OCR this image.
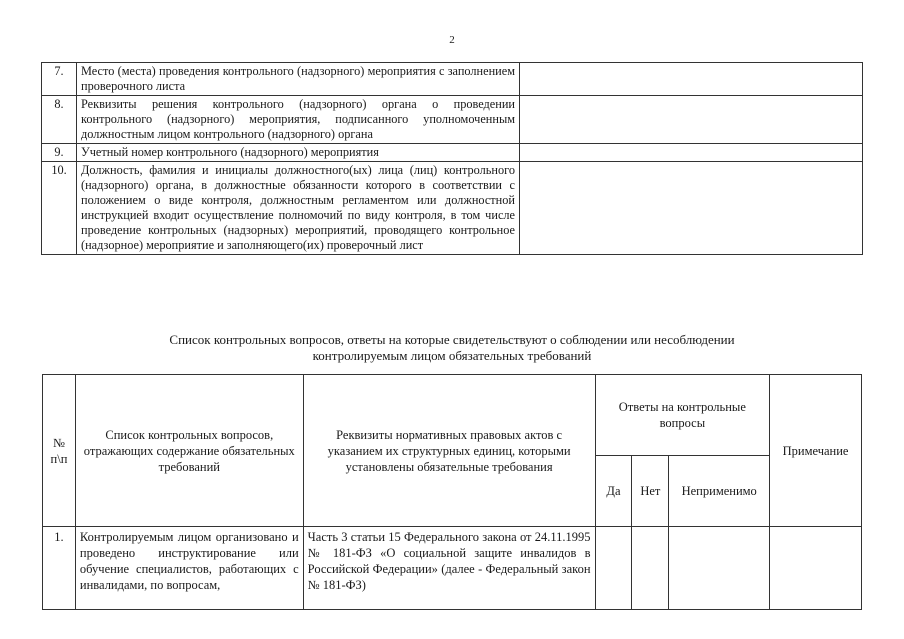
2
7.	Место (места) проведения контрольного (надзорного) мероприятия с заполнением проверочного листа	
8.	Реквизиты решения контрольного (надзорного) органа о проведении контрольного (надзорного) мероприятия, подписанного уполномоченным должностным лицом контрольного (надзорного) органа	
9.	Учетный номер контрольного (надзорного) мероприятия	
10.	Должность, фамилия и инициалы должностного(ых) лица (лиц) контрольного (надзорного) органа, в должностные обязанности которого в соответствии с положением о виде контроля, должностным регламентом или должностной инструкцией входит осуществление полномочий по виду контроля, в том числе проведение контрольных (надзорных) мероприятий, проводящего контрольное (надзорное) мероприятие и заполняющего(их) проверочный лист	
Список контрольных вопросов, ответы на которые свидетельствуют о соблюдении или несоблюдении
контролируемым лицом обязательных требований
№ п\п	Список контрольных вопросов, отражающих содержание обязательных требований	Реквизиты нормативных правовых актов с указанием их структурных единиц, которыми установлены обязательные требования	Ответы на контрольные вопросы			Примечание
			Да	Нет	Неприменимо	
1.	Контролируемым лицом организовано и проведено инструктирование или обучение специалистов, работающих с инвалидами, по вопросам,	Часть 3 статьи 15 Федерального закона от 24.11.1995 № 181-ФЗ «О социальной защите инвалидов в Российской Федерации» (далее - Федеральный закон № 181-ФЗ)				
